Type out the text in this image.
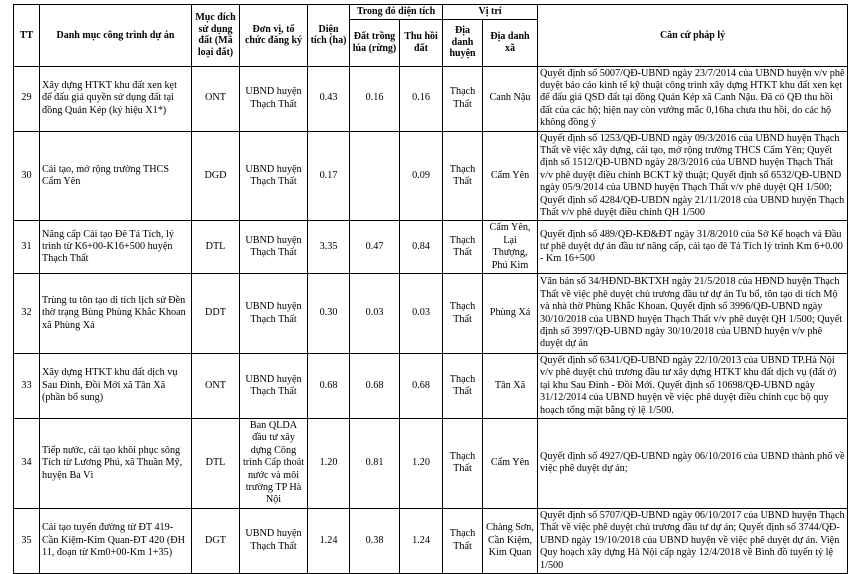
TT	Danh mục công trình dự án	Mục đích sử dụng đất (Mã loại đất)	Đơn vị, tổ chức đăng ký	Diện tích (ha)	Trong đó diện tích		Vị trí		Căn cứ pháp lý
					Đất trồng lúa (rừng)	Thu hồi đất	Địa danh huyện	Địa danh xã	
29	Xây dựng HTKT khu đất xen kẹt để đấu giá quyền sử dụng đất tại đồng Quán Kép (ký hiệu X1*)	ONT	UBND huyện Thạch Thất	0.43	0.16	0.16	Thạch Thất	Canh Nậu	Quyết định số 5007/QĐ-UBND ngày 23/7/2014 của UBND huyện v/v phê duyệt báo cáo kinh tế kỹ thuật công trình xây dựng HTKT khu đất xen kẹt để đấu giá QSD đất tại đồng Quán Kép xã Canh Nậu. Đã có QĐ thu hồi đất của các hộ; hiện nay còn vướng mắc 0,16ha chưa thu hồi, do các hộ không đồng ý
30	Cải tạo, mở rộng trường THCS Cẩm Yên	DGD	UBND huyện Thạch Thất	0.17		0.09	Thạch Thất	Cẩm Yên	Quyết định số 1253/QĐ-UBND ngày 09/3/2016 của UBND huyện Thạch Thất về việc xây dựng, cải tạo, mở rộng trường THCS Cẩm Yên; Quyết định số 1512/QĐ-UBND ngày 28/3/2016 của UBND huyện Thạch Thất v/v phê duyệt điều chỉnh BCKT kỹ thuật; Quyết định số 6532/QĐ-UBND ngày 05/9/2014 của UBND huyện Thạch Thất v/v phê duyệt QH 1/500; Quyết định số 4284/QĐ-UBDN ngày 21/11/2018 của UBND huyện Thạch Thất v/v phê duyệt điều chỉnh QH 1/500
31	Nâng cấp Cải tạo Đê Tả Tích, lý trình từ K6+00-K16+500 huyện Thạch Thất	DTL	UBND huyện Thạch Thất	3.35	0.47	0.84	Thạch Thất	Cẩm Yên, Lại Thượng, Phú Kim	Quyết định số 489/QĐ-KĐ&ĐT ngày 31/8/2010 của Sở Kế hoạch và Đầu tư phê duyệt dự án đầu tư nâng cấp, cải tạo đê Tả Tích lý trình Km 6+0.00 - Km 16+500
32	Trùng tu tôn tạo di tích lịch sử Đền thờ trạng Bùng Phùng Khắc Khoan xã Phùng Xá	DDT	UBND huyện Thạch Thất	0.30	0.03	0.03	Thạch Thất	Phùng Xá	Văn bản số 34/HĐND-BKTXH ngày 21/5/2018 của HĐND huyện Thạch Thất về việc phê duyệt chủ trương đầu tư dự án Tu bổ, tôn tạo di tích Mộ và nhà thờ Phùng Khắc Khoan. Quyết định số 3996/QĐ-UBND ngày 30/10/2018 của UBND huyện Thạch Thất v/v phê duyệt QH 1/500; Quyết định số 3997/QĐ-UBND ngày 30/10/2018 của UBND huyện v/v phê duyệt dự án
33	Xây dựng HTKT khu đất dịch vụ Sau Đình, Đồi Mới xã Tân Xã (phần bổ sung)	ONT	UBND huyện Thạch Thất	0.68	0.68	0.68	Thạch Thất	Tân Xã	Quyết định số 6341/QĐ-UBND ngày 22/10/2013 của UBND TP.Hà Nội v/v phê duyệt chủ trương đầu tư xây dựng HTKT khu đất dịch vụ (đất ở) tại khu Sau Đình - Đồi Mới. Quyết định số 10698/QĐ-UBND ngày 31/12/2014 của UBND huyện về việc phê duyệt điều chỉnh cục bộ quy hoạch tổng mặt bằng tỷ lệ 1/500.
34	Tiếp nước, cải tạo khôi phục sông Tích từ Lương Phú, xã Thuần Mỹ, huyện Ba Vì	DTL	Ban QLDA đầu tư xây dựng Công trình Cấp thoát nước và môi trường TP Hà Nội	1.20	0.81	1.20	Thạch Thất	Cẩm Yên	Quyết định số 4927/QĐ-UBND ngày 06/10/2016 của UBND thành phố về việc phê duyệt dự án;
35	Cải tạo tuyến đường từ ĐT 419-Cần Kiệm-Kim Quan-ĐT 420 (ĐH 11, đoạn từ Km0+00-Km 1+35)	DGT	UBND huyện Thạch Thất	1.24	0.38	1.24	Thạch Thất	Chàng Sơn, Cần Kiệm, Kim Quan	Quyết định số 5707/QĐ-UBND ngày 06/10/2017 của UBND huyện Thạch Thất về việc phê duyệt chủ trương đầu tư dự án; Quyết định số 3744/QĐ-UBND ngày 19/10/2018 của UBND huyện về việc phê duyệt dự án. Viện Quy hoạch xây dựng Hà Nội cấp ngày 12/4/2018 về Bình đồ tuyến tỷ lệ 1/500
